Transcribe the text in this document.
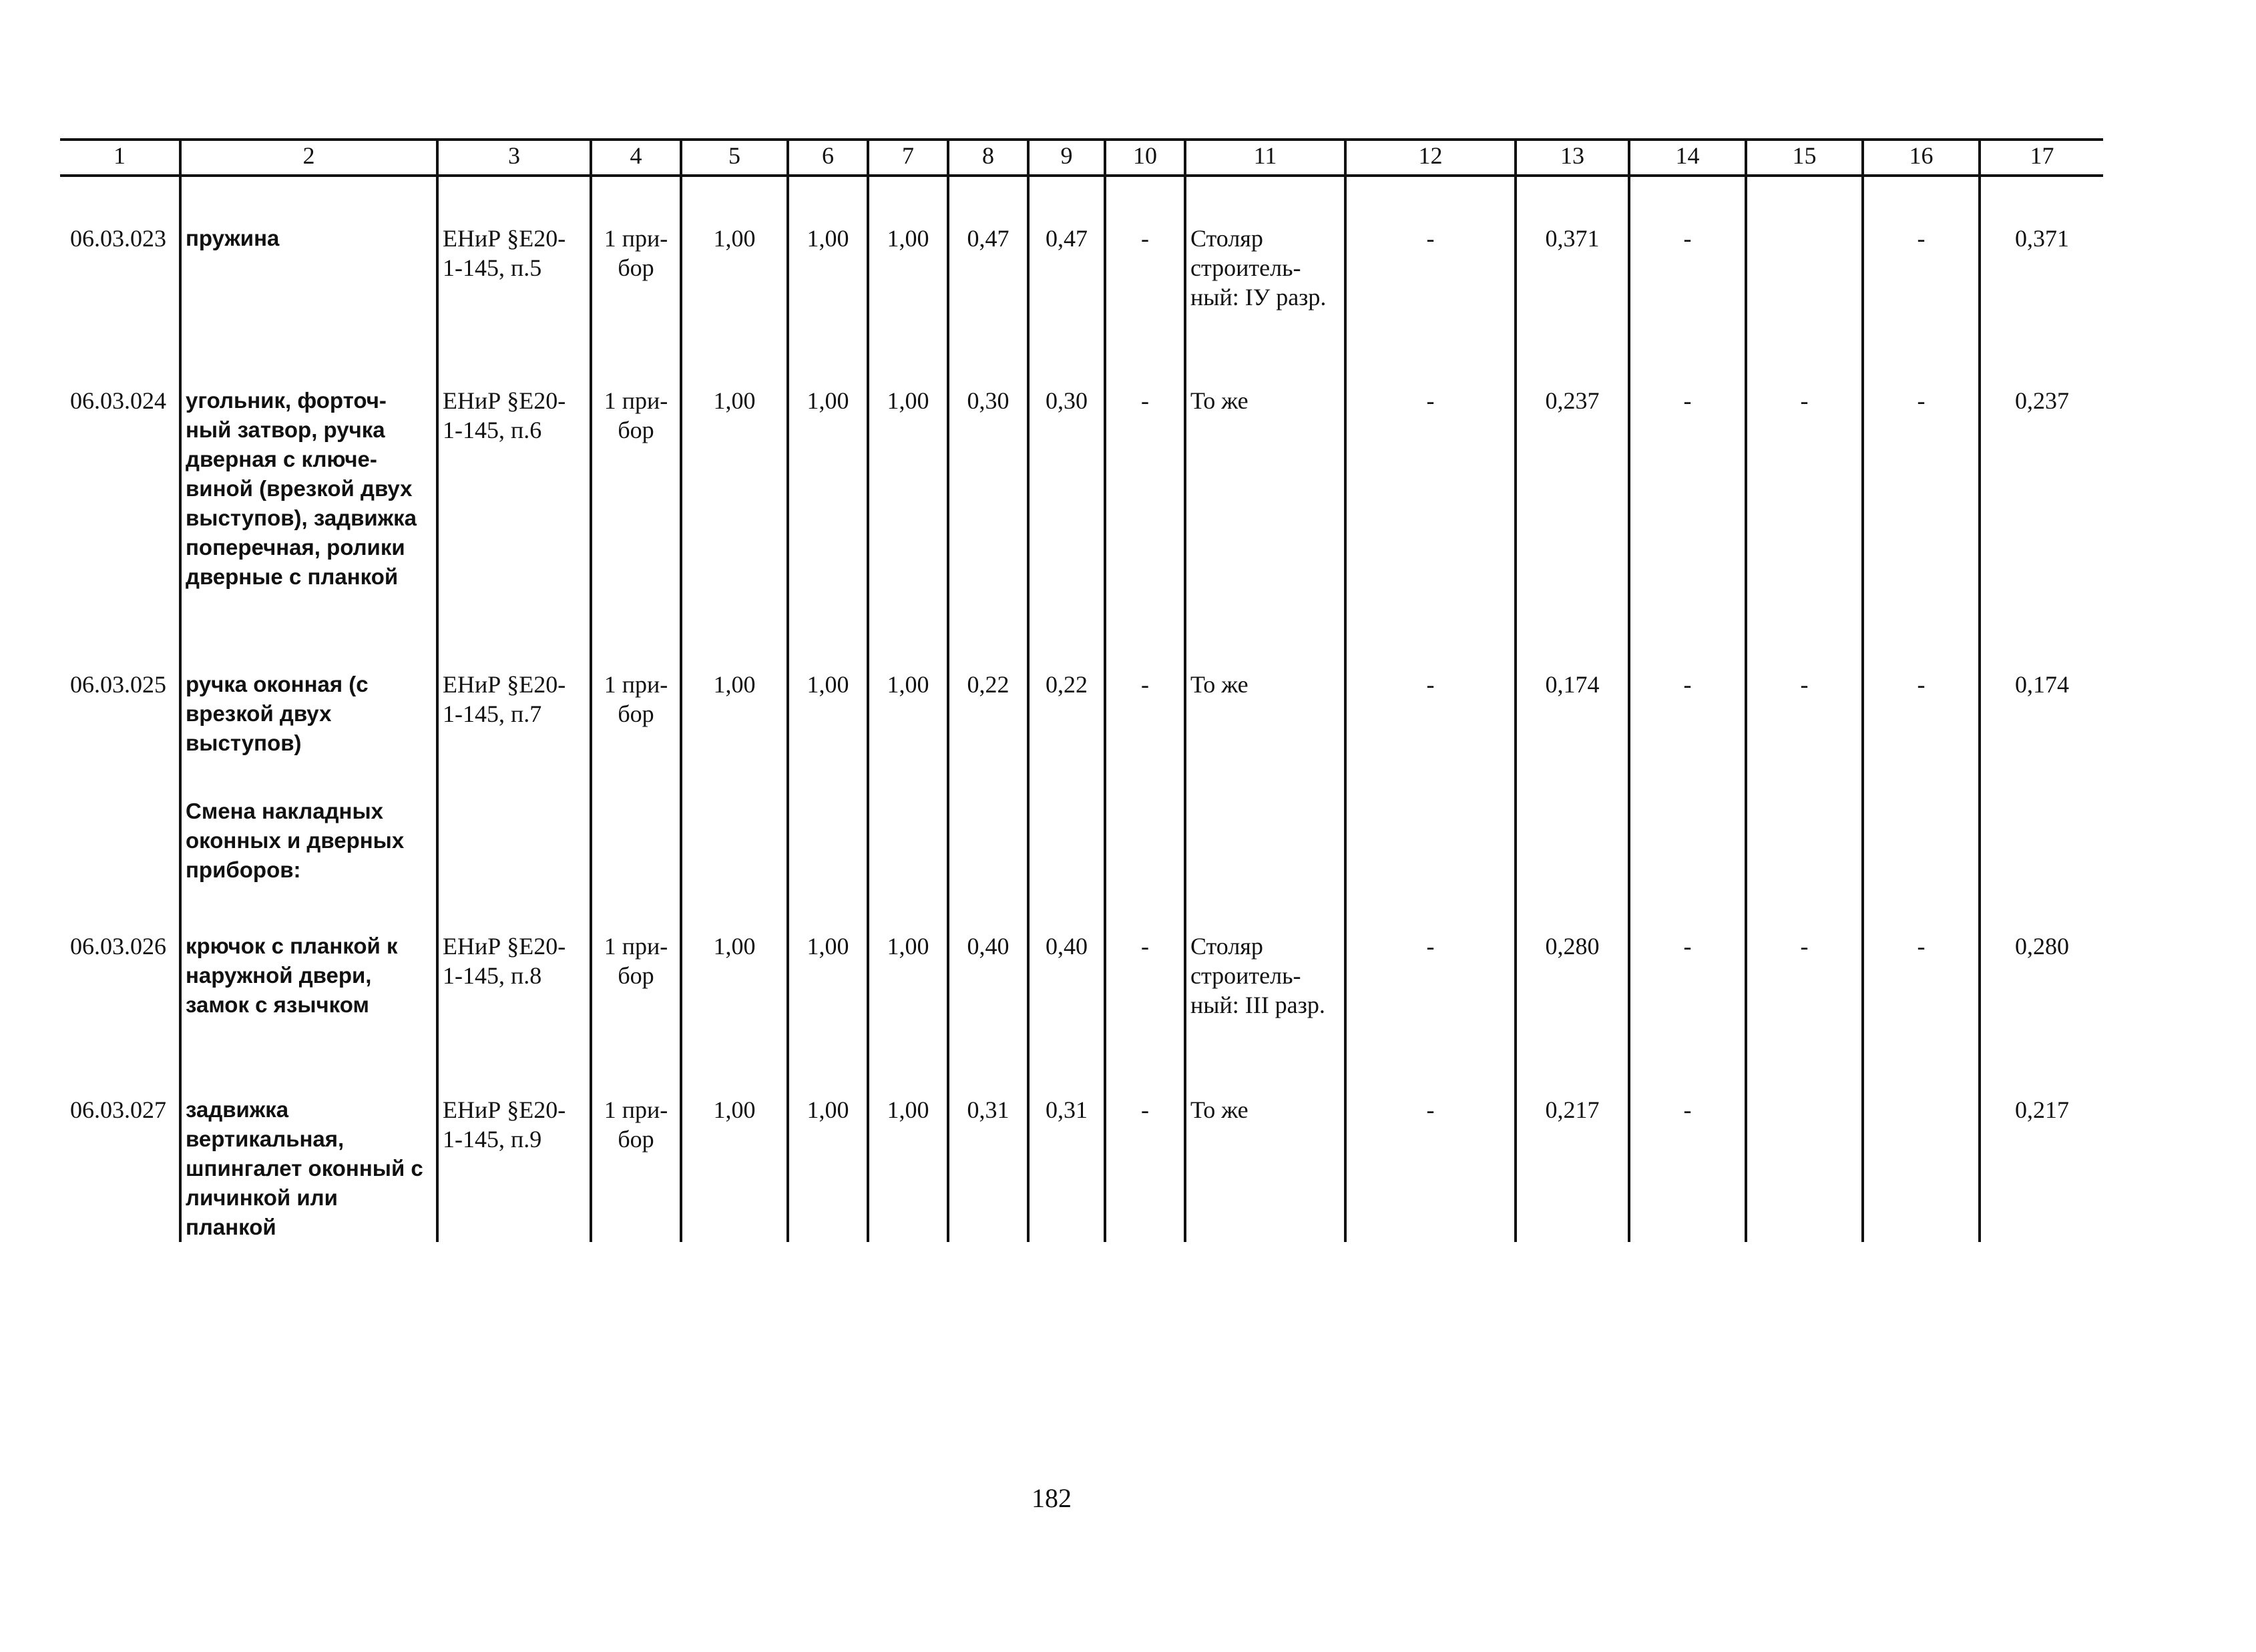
1	2	3	4	5	6	7	8	9	10	11	12	13	14	15	16	17
06.03.023	пружина	ЕНиР §Е20-1-145, п.5	1 при-бор	1,00	1,00	1,00	0,47	0,47	-	Столяр строитель-ный: IУ разр.	-	0,371	-		-	0,371
06.03.024	угольник, форточ-ный затвор, ручка дверная с ключе-виной (врезкой двух выступов), задвижка поперечная, ролики дверные с планкой	ЕНиР §Е20-1-145, п.6	1 при-бор	1,00	1,00	1,00	0,30	0,30	-	То же	-	0,237	-	-	-	0,237
06.03.025	ручка оконная (с врезкой двух выступов)	ЕНиР §Е20-1-145, п.7	1 при-бор	1,00	1,00	1,00	0,22	0,22	-	То же	-	0,174	-	-	-	0,174
	Смена накладных оконных и дверных приборов:															
06.03.026	крючок с планкой к наружной двери, замок с язычком	ЕНиР §Е20-1-145, п.8	1 при-бор	1,00	1,00	1,00	0,40	0,40	-	Столяр строитель-ный: III разр.	-	0,280	-	-	-	0,280
06.03.027	задвижка вертикальная, шпингалет оконный с личинкой или планкой	ЕНиР §Е20-1-145, п.9	1 при-бор	1,00	1,00	1,00	0,31	0,31	-	То же	-	0,217	-			0,217
182
